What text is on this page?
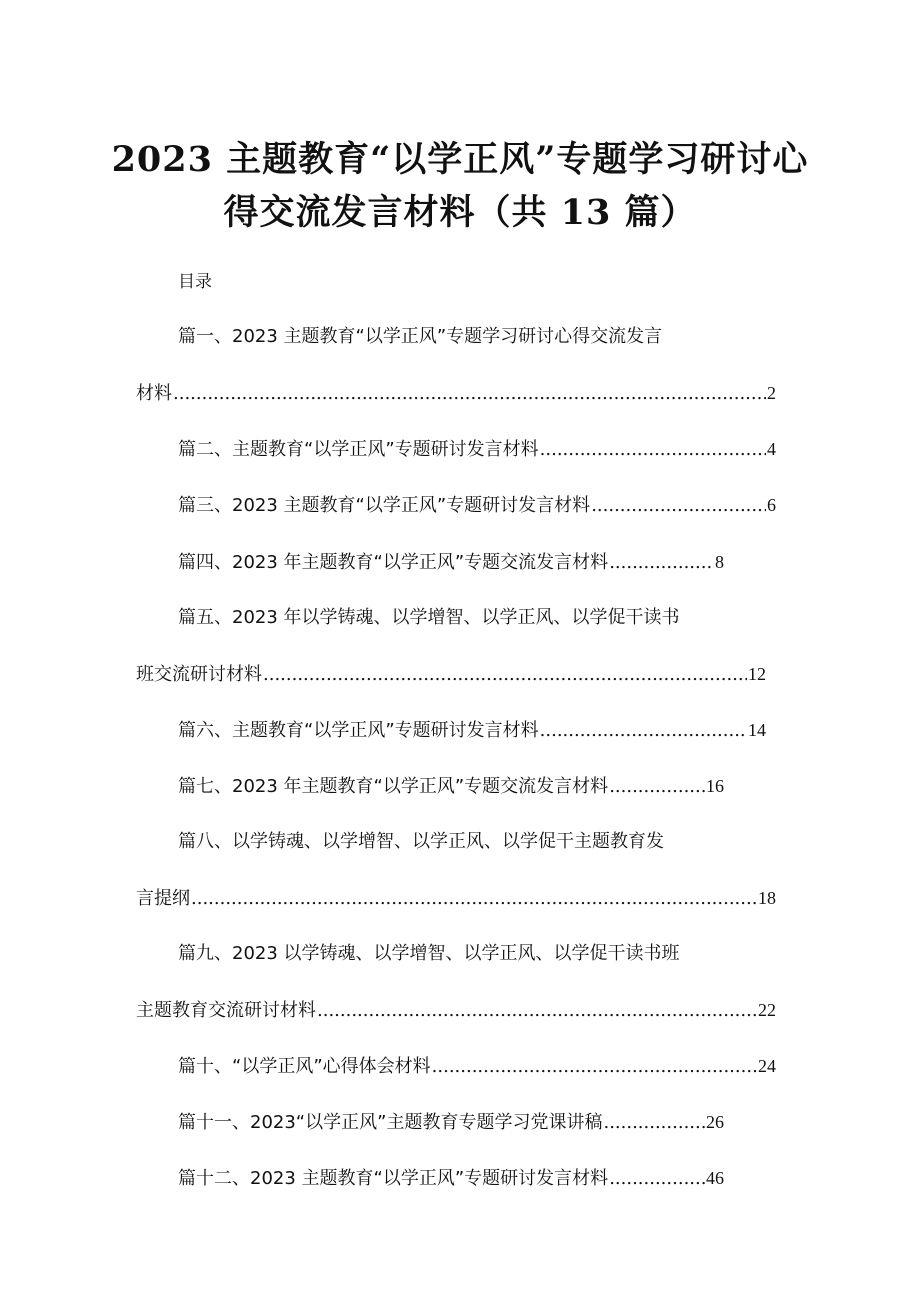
2023 主题教育“以学正风”专题学习研讨心
得交流发言材料（共 13 篇）
目录
篇一、2023 主题教育“以学正风”专题学习研讨心得交流发言
材料 .....	2
篇二、主题教育“以学正风”专题研讨发言材料 .....	4
篇三、2023 主题教育“以学正风”专题研讨发言材料 .....	6
篇四、2023 年主题教育“以学正风”专题交流发言材料 .....	8
篇五、2023 年以学铸魂、以学增智、以学正风、以学促干读书
班交流研讨材料 .....	12
篇六、主题教育“以学正风”专题研讨发言材料 .....	14
篇七、2023 年主题教育“以学正风”专题交流发言材料 .....	16
篇八、以学铸魂、以学增智、以学正风、以学促干主题教育发
言提纲 .....	18
篇九、2023 以学铸魂、以学增智、以学正风、以学促干读书班
主题教育交流研讨材料 .....	22
篇十、“以学正风”心得体会材料 .....	24
篇十一、2023“以学正风”主题教育专题学习党课讲稿 .....	26
篇十二、2023 主题教育“以学正风”专题研讨发言材料 .....	46
